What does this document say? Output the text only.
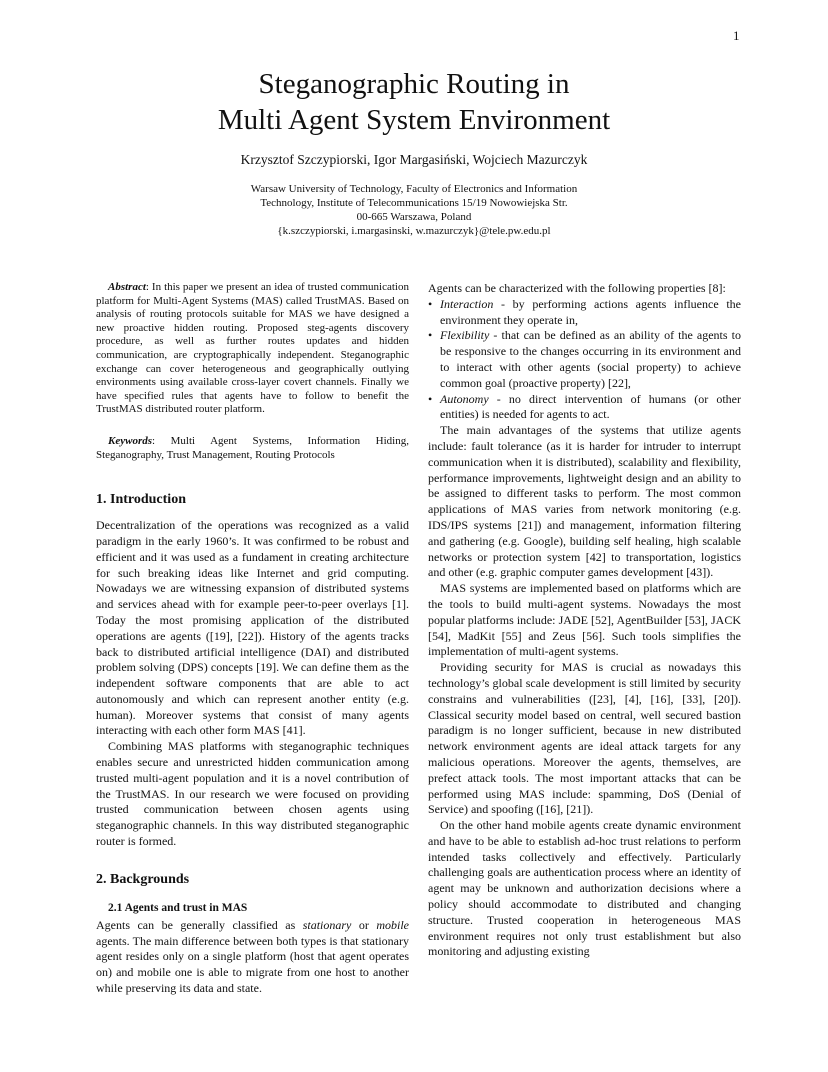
1
Steganographic Routing in
Multi Agent System Environment
Krzysztof Szczypiorski, Igor Margasiński, Wojciech Mazurczyk
Warsaw University of Technology, Faculty of Electronics and Information
Technology, Institute of Telecommunications 15/19 Nowowiejska Str.
00-665 Warszawa, Poland
{k.szczypiorski, i.margasinski, w.mazurczyk}@tele.pw.edu.pl

Abstract: In this paper we present an idea of trusted communication platform for Multi-Agent Systems (MAS) called TrustMAS. Based on analysis of routing protocols suitable for MAS we have designed a new proactive hidden routing. Proposed steg-agents discovery procedure, as well as further routes updates and hidden communication, are cryptographically independent. Steganographic exchange can cover heterogeneous and geographically outlying environments using available cross-layer covert channels. Finally we have specified rules that agents have to follow to benefit the TrustMAS distributed router platform.

Keywords: Multi Agent Systems, Information Hiding, Steganography, Trust Management, Routing Protocols

1. Introduction

Decentralization of the operations was recognized as a valid paradigm in the early 1960’s. It was confirmed to be robust and efficient and it was used as a fundament in creating architecture for such breaking ideas like Internet and grid computing. Nowadays we are witnessing expansion of distributed systems and services ahead with for example peer-to-peer overlays [1]. Today the most promising application of the distributed operations are agents ([19], [22]). History of the agents tracks back to distributed artificial intelligence (DAI) and distributed problem solving (DPS) concepts [19]. We can define them as the independent software components that are able to act autonomously and which can represent another entity (e.g. human). Moreover systems that consist of many agents interacting with each other form MAS [41].

Combining MAS platforms with steganographic techniques enables secure and unrestricted hidden communication among trusted multi-agent population and it is a novel contribution of the TrustMAS. In our research we were focused on providing trusted communication between chosen agents using steganographic channels. In this way distributed steganographic router is formed.

2. Backgrounds
2.1 Agents and trust in MAS

Agents can be generally classified as stationary or mobile agents. The main difference between both types is that stationary agent resides only on a single platform (host that agent operates on) and mobile one is able to migrate from one host to another while preserving its data and state.

Agents can be characterized with the following properties [8]:

• Interaction - by performing actions agents influence the environment they operate in,
• Flexibility - that can be defined as an ability of the agents to be responsive to the changes occurring in its environment and to interact with other agents (social property) to achieve common goal (proactive property) [22],
• Autonomy - no direct intervention of humans (or other entities) is needed for agents to act.

The main advantages of the systems that utilize agents include: fault tolerance (as it is harder for intruder to interrupt communication when it is distributed), scalability and flexibility, performance improvements, lightweight design and an ability to be assigned to different tasks to perform. The most common applications of MAS varies from network monitoring (e.g. IDS/IPS systems [21]) and management, information filtering and gathering (e.g. Google), building self healing, high scalable networks or protection system [42] to transportation, logistics and other (e.g. graphic computer games development [43]).

MAS systems are implemented based on platforms which are the tools to build multi-agent systems. Nowadays the most popular platforms include: JADE [52], AgentBuilder [53], JACK [54], MadKit [55] and Zeus [56]. Such tools simplifies the implementation of multi-agent systems.

Providing security for MAS is crucial as nowadays this technology’s global scale development is still limited by security constrains and vulnerabilities ([23], [4], [16], [33], [20]). Classical security model based on central, well secured bastion paradigm is no longer sufficient, because in new distributed network environment agents are ideal attack targets for any malicious operations. Moreover the agents, themselves, are prefect attack tools. The most important attacks that can be performed using MAS include: spamming, DoS (Denial of Service) and spoofing ([16], [21]).

On the other hand mobile agents create dynamic environment and have to be able to establish ad-hoc trust relations to perform intended tasks collectively and effectively. Particularly challenging goals are authentication process where an identity of agent may be unknown and authorization decisions where a policy should accommodate to distributed and changing structure. Trusted cooperation in heterogeneous MAS environment requires not only trust establishment but also monitoring and adjusting existing
